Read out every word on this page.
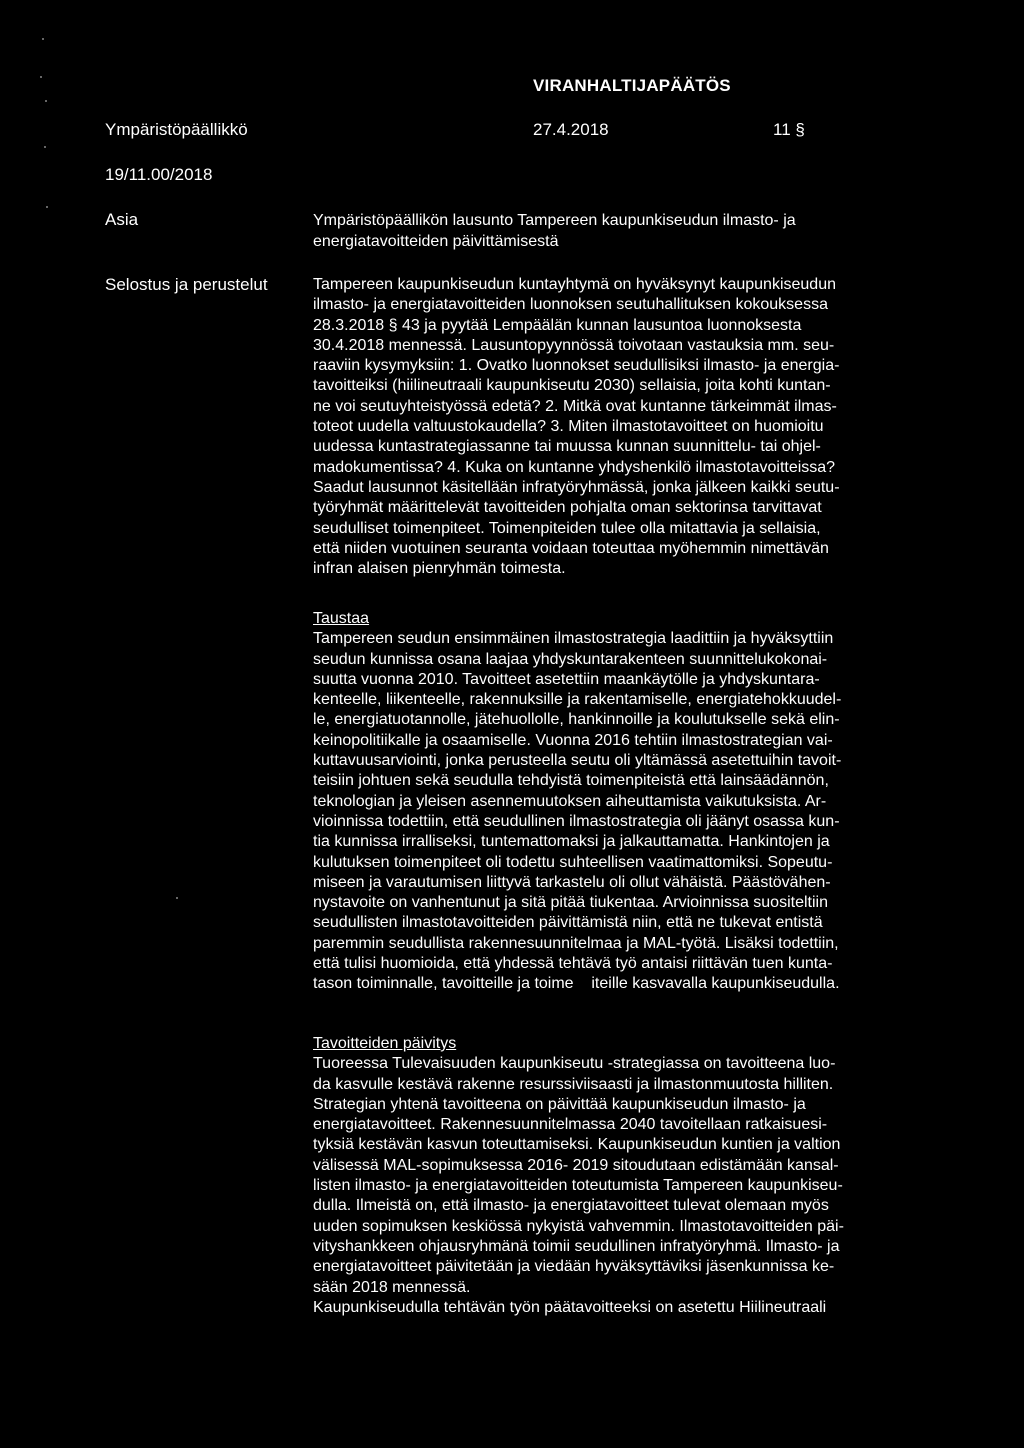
VIRANHALTIJAPÄÄTÖS
Ympäristöpäällikkö	27.4.2018	11 §
19/11.00/2018
Asia	Ympäristöpäällikön lausunto Tampereen kaupunkiseudun ilmasto- ja
energiatavoitteiden päivittämisestä
Selostus ja perustelut	Tampereen kaupunkiseudun kuntayhtymä on hyväksynyt kaupunkiseudun
ilmasto- ja energiatavoitteiden luonnoksen seutuhallituksen kokouksessa
28.3.2018 § 43 ja pyytää Lempäälän kunnan lausuntoa luonnoksesta
30.4.2018 mennessä. Lausuntopyynnössä toivotaan vastauksia mm. seu-
raaviin kysymyksiin: 1. Ovatko luonnokset seudullisiksi ilmasto- ja energia-
tavoitteiksi (hiilineutraali kaupunkiseutu 2030) sellaisia, joita kohti kuntan-
ne voi seutuyhteistyössä edetä? 2. Mitkä ovat kuntanne tärkeimmät ilmas-
toteot uudella valtuustokaudella? 3. Miten ilmastotavoitteet on huomioitu
uudessa kuntastrategiassanne tai muussa kunnan suunnittelu- tai ohjel-
madokumentissa? 4. Kuka on kuntanne yhdyshenkilö ilmastotavoitteissa?
Saadut lausunnot käsitellään infratyöryhmässä, jonka jälkeen kaikki seutu-
työryhmät määrittelevät tavoitteiden pohjalta oman sektorinsa tarvittavat
seudulliset toimenpiteet. Toimenpiteiden tulee olla mitattavia ja sellaisia,
että niiden vuotuinen seuranta voidaan toteuttaa myöhemmin nimettävän
infran alaisen pienryhmän toimesta.
Taustaa
Tampereen seudun ensimmäinen ilmastostrategia laadittiin ja hyväksyttiin
seudun kunnissa osana laajaa yhdyskuntarakenteen suunnittelukokonai-
suutta vuonna 2010. Tavoitteet asetettiin maankäytölle ja yhdyskuntara-
kenteelle, liikenteelle, rakennuksille ja rakentamiselle, energiatehokkuudel-
le, energiatuotannolle, jätehuollolle, hankinnoille ja koulutukselle sekä elin-
keinopolitiikalle ja osaamiselle. Vuonna 2016 tehtiin ilmastostrategian vai-
kuttavuusarviointi, jonka perusteella seutu oli yltämässä asetettuihin tavoit-
teisiin johtuen sekä seudulla tehdyistä toimenpiteistä että lainsäädännön,
teknologian ja yleisen asennemuutoksen aiheuttamista vaikutuksista. Ar-
vioinnissa todettiin, että seudullinen ilmastostrategia oli jäänyt osassa kun-
tia kunnissa irralliseksi, tuntemattomaksi ja jalkauttamatta. Hankintojen ja
kulutuksen toimenpiteet oli todettu suhteellisen vaatimattomiksi. Sopeutu-
miseen ja varautumisen liittyvä tarkastelu oli ollut vähäistä. Päästövähen-
nystavoite on vanhentunut ja sitä pitää tiukentaa. Arvioinnissa suositeltiin
seudullisten ilmastotavoitteiden päivittämistä niin, että ne tukevat entistä
paremmin seudullista rakennesuunnitelmaa ja MAL-työtä. Lisäksi todettiin,
että tulisi huomioida, että yhdessä tehtävä työ antaisi riittävän tuen kunta-
tason toiminnalle, tavoitteille ja toime    iteille kasvavalla kaupunkiseudulla.
Tavoitteiden päivitys
Tuoreessa Tulevaisuuden kaupunkiseutu -strategiassa on tavoitteena luo-
da kasvulle kestävä rakenne resurssiviisaasti ja ilmastonmuutosta hilliten.
Strategian yhtenä tavoitteena on päivittää kaupunkiseudun ilmasto- ja
energiatavoitteet. Rakennesuunnitelmassa 2040 tavoitellaan ratkaisuesi-
tyksiä kestävän kasvun toteuttamiseksi. Kaupunkiseudun kuntien ja valtion
välisessä MAL-sopimuksessa 2016- 2019 sitoudutaan edistämään kansal-
listen ilmasto- ja energiatavoitteiden toteutumista Tampereen kaupunkiseu-
dulla. Ilmeistä on, että ilmasto- ja energiatavoitteet tulevat olemaan myös
uuden sopimuksen keskiössä nykyistä vahvemmin. Ilmastotavoitteiden päi-
vityshankkeen ohjausryhmänä toimii seudullinen infratyöryhmä. Ilmasto- ja
energiatavoitteet päivitetään ja viedään hyväksyttäviksi jäsenkunnissa ke-
sään 2018 mennessä.
Kaupunkiseudulla tehtävän työn päätavoitteeksi on asetettu Hiilineutraali
